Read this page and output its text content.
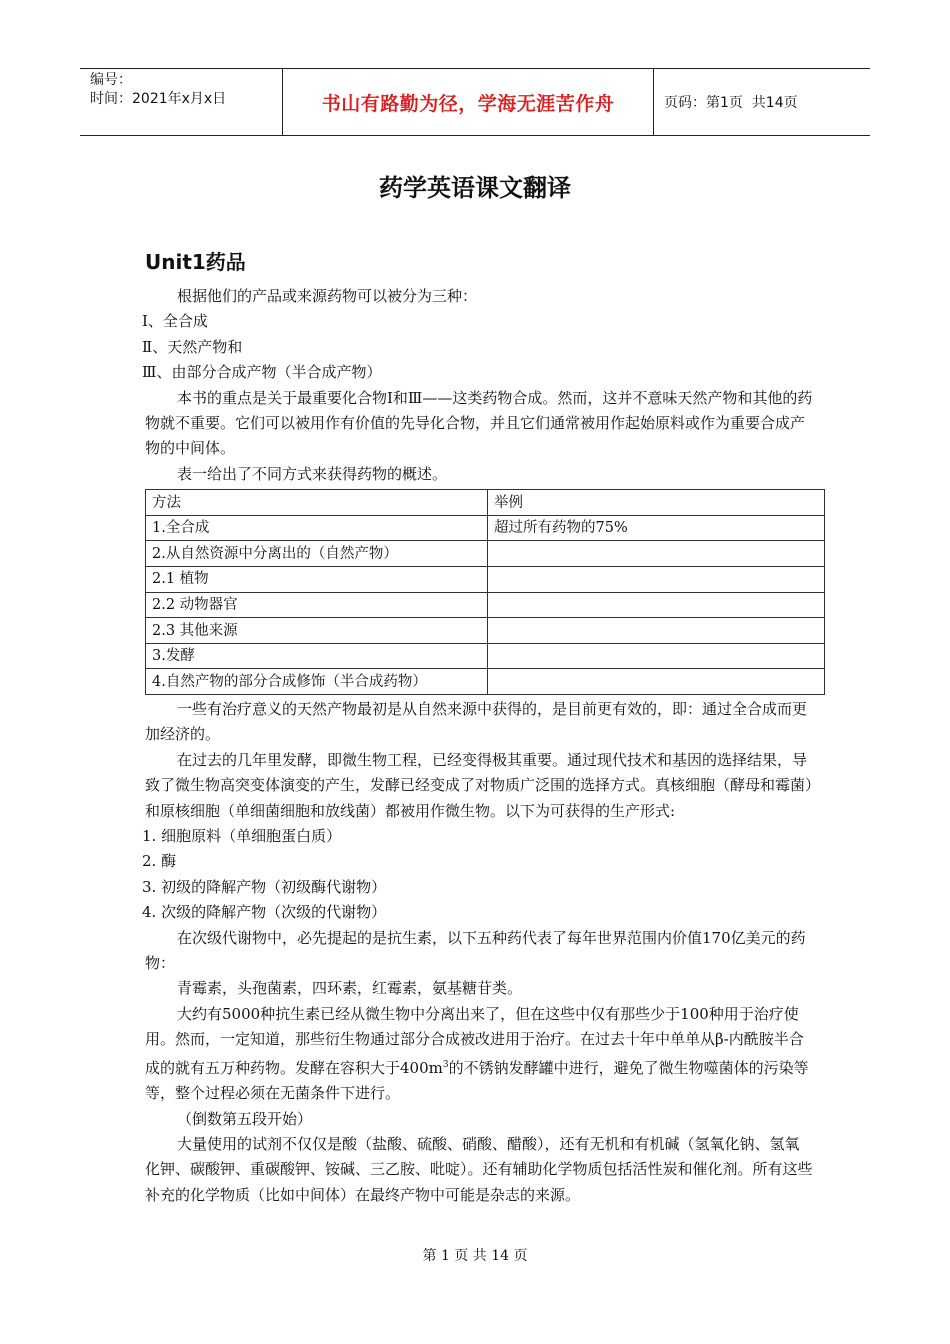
编号：
时间：2021年x月x日	书山有路勤为径，学海无涯苦作舟	页码：第1页  共14页
药学英语课文翻译
Unit1药品

根据他们的产品或来源药物可以被分为三种：

Ⅰ、全合成

Ⅱ、天然产物和

Ⅲ、由部分合成产物（半合成产物）

本书的重点是关于最重要化合物Ⅰ和Ⅲ——这类药物合成。然而，这并不意味天然产物和其他的药物就不重要。它们可以被用作有价值的先导化合物，并且它们通常被用作起始原料或作为重要合成产物的中间体。

表一给出了不同方式来获得药物的概述。

方法	举例
1.全合成	超过所有药物的75%
2.从自然资源中分离出的（自然产物）	
2.1 植物	
2.2 动物器官	
2.3 其他来源	
3.发酵	
4.自然产物的部分合成修饰（半合成药物）	

一些有治疗意义的天然产物最初是从自然来源中获得的，是目前更有效的，即：通过全合成而更加经济的。

在过去的几年里发酵，即微生物工程，已经变得极其重要。通过现代技术和基因的选择结果，导致了微生物高突变体演变的产生，发酵已经变成了对物质广泛围的选择方式。真核细胞（酵母和霉菌）和原核细胞（单细菌细胞和放线菌）都被用作微生物。以下为可获得的生产形式:

1. 细胞原料（单细胞蛋白质）

2. 酶

3. 初级的降解产物（初级酶代谢物）

4. 次级的降解产物（次级的代谢物）

在次级代谢物中，必先提起的是抗生素，以下五种药代表了每年世界范围内价值170亿美元的药物：

青霉素，头孢菌素，四环素，红霉素，氨基糖苷类。

大约有5000种抗生素已经从微生物中分离出来了，但在这些中仅有那些少于100种用于治疗使用。然而，一定知道，那些衍生物通过部分合成被改进用于治疗。在过去十年中单单从β-内酰胺半合成的就有五万种药物。发酵在容积大于$400m^3$的不锈钠发酵罐中进行，避免了微生物噬菌体的污染等等，整个过程必须在无菌条件下进行。

（倒数第五段开始）

大量使用的试剂不仅仅是酸（盐酸、硫酸、硝酸、醋酸），还有无机和有机碱（氢氧化钠、氢氧化钾、碳酸钾、重碳酸钾、铵碱、三乙胺、吡啶）。还有辅助化学物质包括活性炭和催化剂。所有这些补充的化学物质（比如中间体）在最终产物中可能是杂志的来源。

第 1 页 共 14 页
